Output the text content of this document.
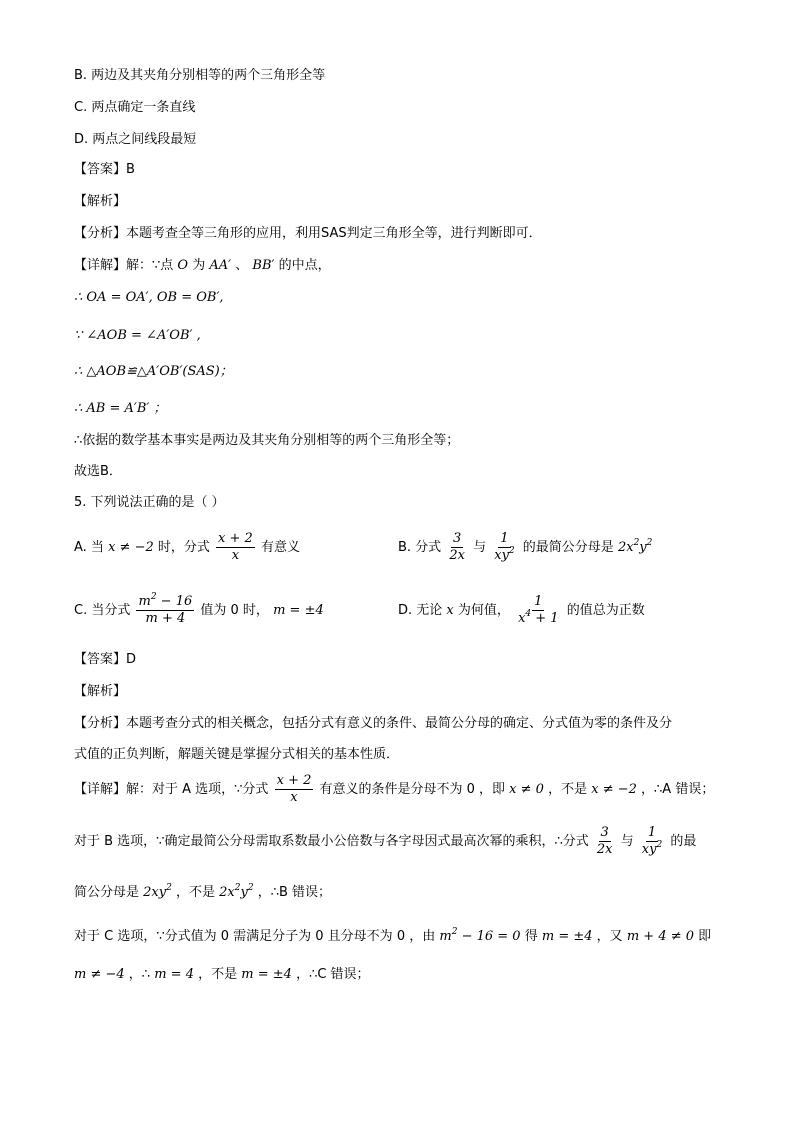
B. 两边及其夹角分别相等的两个三角形全等
C. 两点确定一条直线
D. 两点之间线段最短
【答案】B
【解析】
【分析】本题考查全等三角形的应用，利用SAS判定三角形全等，进行判断即可．
【详解】解：∵点 O 为 AA′ 、 BB′ 的中点，
∴ OA = OA′, OB = OB′,
∵ ∠AOB = ∠A′OB′ ,
∴ △AOB≌△A′OB′(SAS)；
∴ AB = A′B′ ；
∴依据的数学基本事实是两边及其夹角分别相等的两个三角形全等；
故选B．
5. 下列说法正确的是（ ）
A. 当 x ≠ −2 时，分式 $\frac{x + 2}{x}$ 有意义	B. 分式 $\frac{3}{2x}$ 与 $\frac{1}{xy^2}$ 的最简公分母是 $2x^2y^2$
C. 当分式 $\frac{m^2 - 16}{m + 4}$ 值为 0 时， m = ±4	D. 无论 x 为何值， $\frac{1}{x^4 + 1}$ 的值总为正数
【答案】D
【解析】
【分析】本题考查分式的相关概念，包括分式有意义的条件、最简公分母的确定、分式值为零的条件及分
式值的正负判断，解题关键是掌握分式相关的基本性质．
【详解】解：对于 A 选项，∵分式 $\frac{x + 2}{x}$ 有意义的条件是分母不为 0 ，即 x ≠ 0 ，不是 x ≠ −2 ，∴A 错误；
对于 B 选项，∵确定最简公分母需取系数最小公倍数与各字母因式最高次幂的乘积，∴分式 $\frac{3}{2x}$ 与 $\frac{1}{xy^2}$ 的最
简公分母是 $2xy^2$ ，不是 $2x^2y^2$ ，∴B 错误；
对于 C 选项，∵分式值为 0 需满足分子为 0 且分母不为 0 ，由 $m^2 - 16 = 0$ 得 m = ±4 ，又 m + 4 ≠ 0 即
m ≠ −4 ，∴ m = 4 ，不是 m = ±4 ，∴C 错误；
